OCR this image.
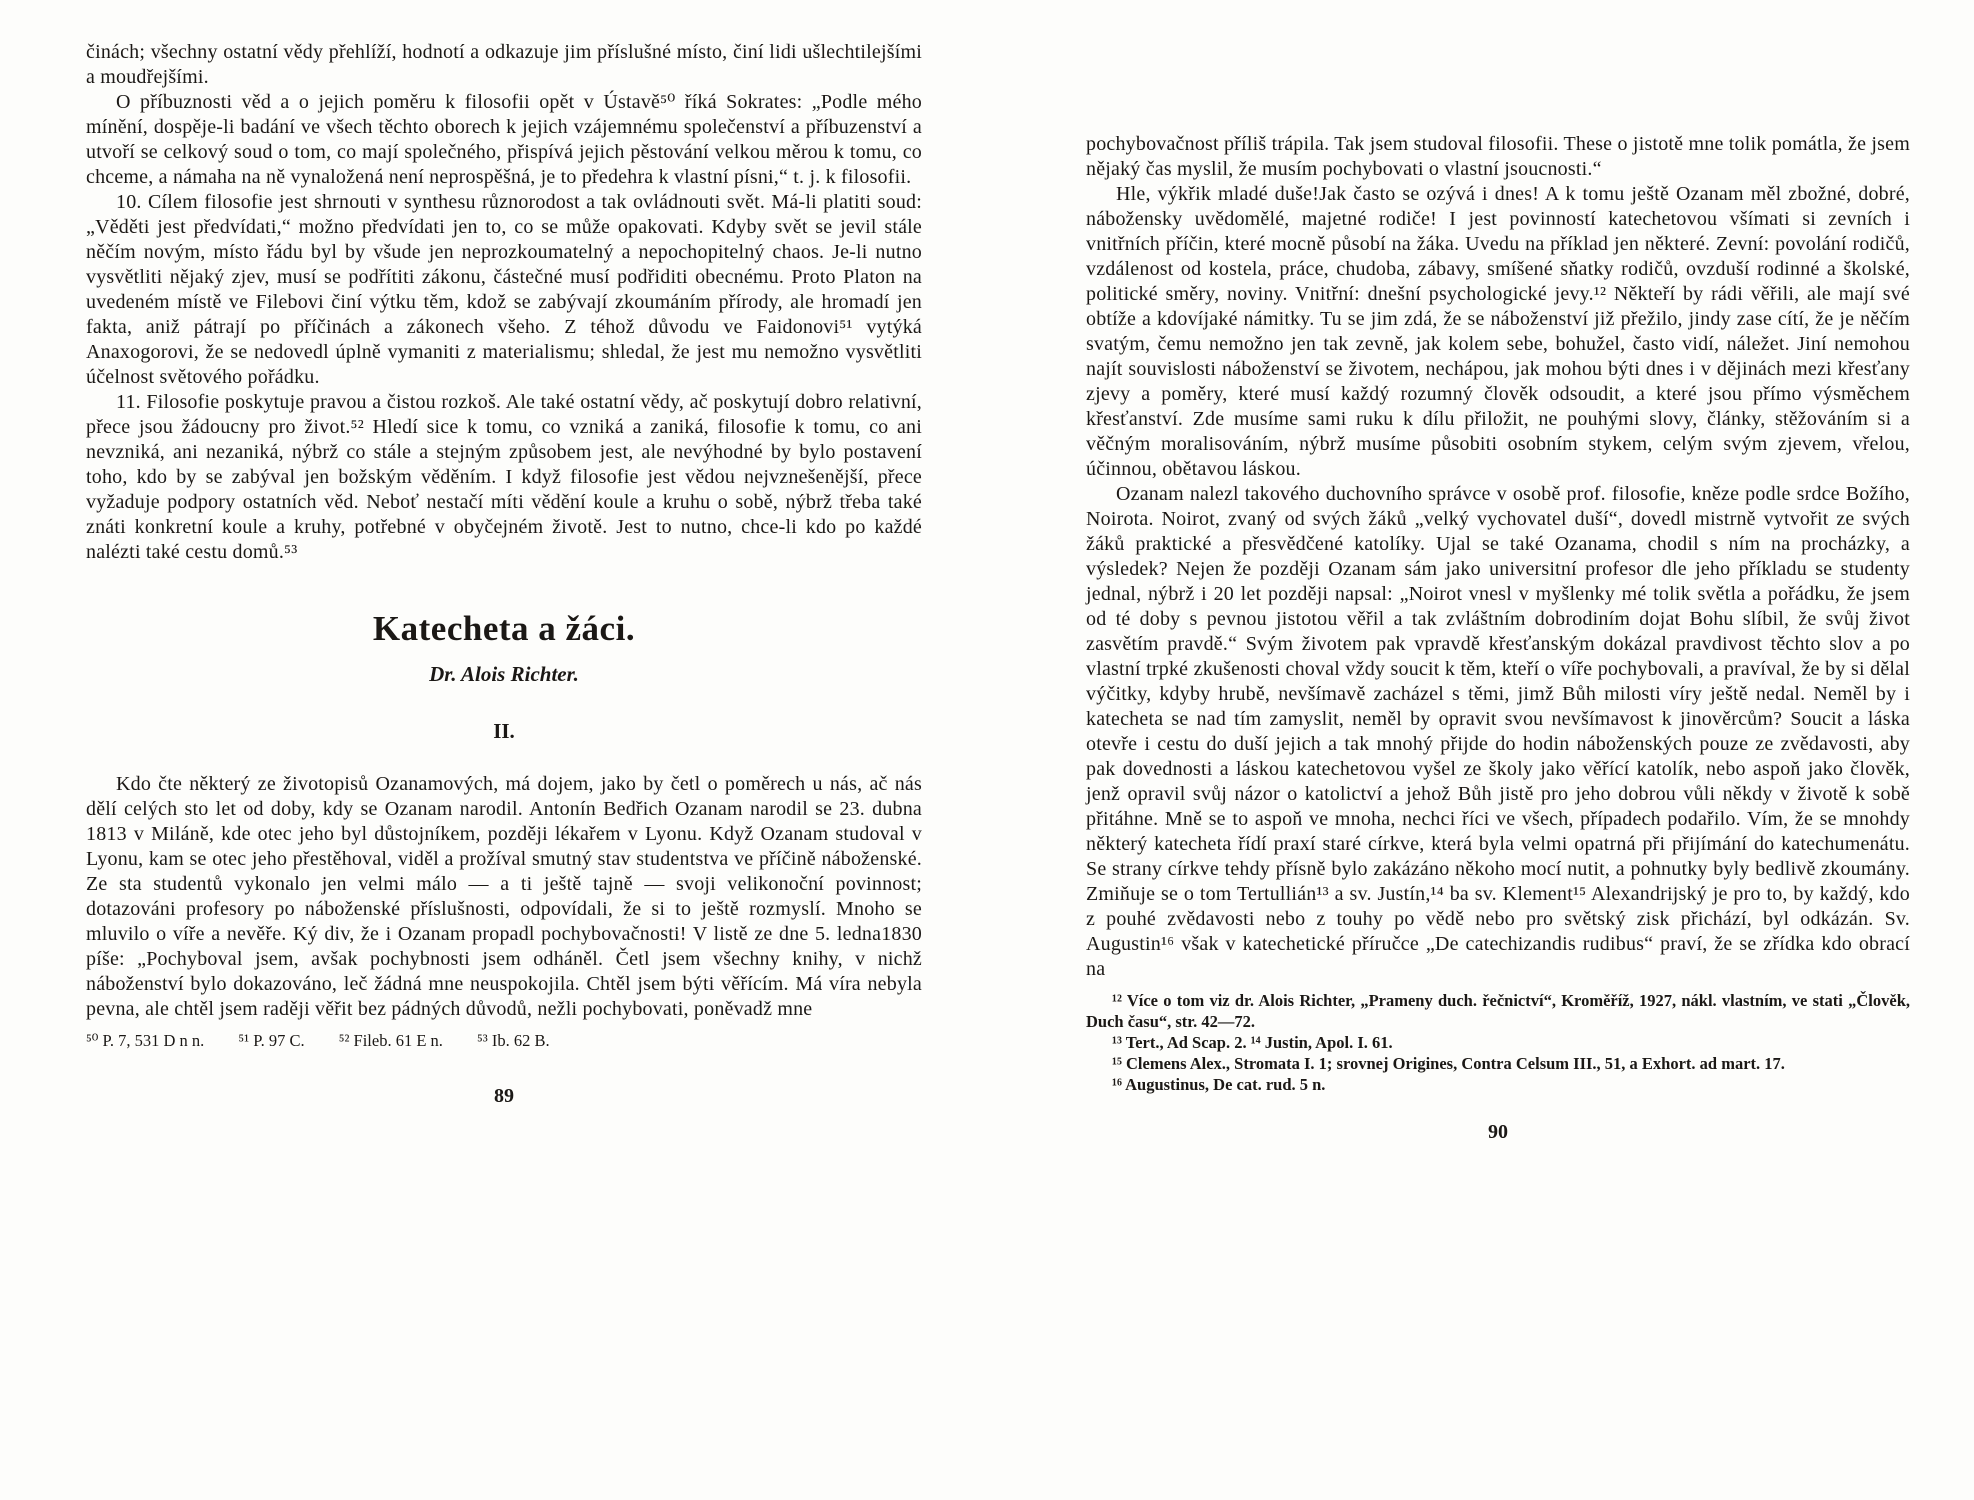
činách; všechny ostatní vědy přehlíží, hodnotí a odkazuje jim příslušné místo, činí lidi ušlechtilejšími a moudřejšími.

O příbuznosti věd a o jejich poměru k filosofii opět v Ústavě⁵⁰ říká Sokrates: „Podle mého mínění, dospěje-li badání ve všech těchto oborech k jejich vzájemnému společenství a příbuzenství a utvoří se celkový soud o tom, co mají společného, přispívá jejich pěstování velkou měrou k tomu, co chceme, a námaha na ně vynaložená není neprospěšná, je to předehra k vlastní písni,“ t. j. k filosofii.

10. Cílem filosofie jest shrnouti v synthesu různorodost a tak ovládnouti svět. Má-li platiti soud: „Věděti jest předvídati,“ možno předvídati jen to, co se může opakovati. Kdyby svět se jevil stále něčím novým, místo řádu byl by všude jen neprozkoumatelný a nepochopitelný chaos. Je-li nutno vysvětliti nějaký zjev, musí se podřítiti zákonu, částečné musí podřiditi obecnému. Proto Platon na uvedeném místě ve Filebovi činí výtku těm, kdož se zabývají zkoumáním přírody, ale hromadí jen fakta, aniž pátrají po příčinách a zákonech všeho. Z téhož důvodu ve Faidonovi⁵¹ vytýká Anaxogorovi, že se nedovedl úplně vymaniti z materialismu; shledal, že jest mu nemožno vysvětliti účelnost světového pořádku.

11. Filosofie poskytuje pravou a čistou rozkoš. Ale také ostatní vědy, ač poskytují dobro relativní, přece jsou žádoucny pro život.⁵² Hledí sice k tomu, co vzniká a zaniká, filosofie k tomu, co ani nevzniká, ani nezaniká, nýbrž co stále a stejným způsobem jest, ale nevýhodné by bylo postavení toho, kdo by se zabýval jen božským věděním. I když filosofie jest vědou nejvznešenější, přece vyžaduje podpory ostatních věd. Neboť nestačí míti vědění koule a kruhu o sobě, nýbrž třeba také znáti konkretní koule a kruhy, potřebné v obyčejném životě. Jest to nutno, chce-li kdo po každé nalézti také cestu domů.⁵³

Katecheta a žáci.
Dr. Alois Richter.
II.

Kdo čte některý ze životopisů Ozanamových, má dojem, jako by četl o poměrech u nás, ač nás dělí celých sto let od doby, kdy se Ozanam narodil. Antonín Bedřich Ozanam narodil se 23. dubna 1813 v Miláně, kde otec jeho byl důstojníkem, později lékařem v Lyonu. Když Ozanam studoval v Lyonu, kam se otec jeho přestěhoval, viděl a prožíval smutný stav studentstva ve příčině náboženské. Ze sta studentů vykonalo jen velmi málo — a ti ještě tajně — svoji velikonoční povinnost; dotazováni profesory po náboženské příslušnosti, odpovídali, že si to ještě rozmyslí. Mnoho se mluvilo o víře a nevěře. Ký div, že i Ozanam propadl pochybovačnosti! V listě ze dne 5. ledna1830 píše: „Pochyboval jsem, avšak pochybnosti jsem odháněl. Četl jsem všechny knihy, v nichž náboženství bylo dokazováno, leč žádná mne neuspokojila. Chtěl jsem býti věřícím. Má víra nebyla pevna, ale chtěl jsem raději věřit bez pádných důvodů, nežli pochybovati, poněvadž mne

⁵⁰ P. 7, 531 D n n. ⁵¹ P. 97 C. ⁵² Fileb. 61 E n. ⁵³ Ib. 62 B.
89

pochybovačnost příliš trápila. Tak jsem studoval filosofii. These o jistotě mne tolik pomátla, že jsem nějaký čas myslil, že musím pochybovati o vlastní jsoucnosti.“

Hle, výkřik mladé duše!Jak často se ozývá i dnes! A k tomu ještě Ozanam měl zbožné, dobré, nábožensky uvědomělé, majetné rodiče! I jest povinností katechetovou všímati si zevních i vnitřních příčin, které mocně působí na žáka. Uvedu na příklad jen některé. Zevní: povolání rodičů, vzdálenost od kostela, práce, chudoba, zábavy, smíšené sňatky rodičů, ovzduší rodinné a školské, politické směry, noviny. Vnitřní: dnešní psychologické jevy.¹² Někteří by rádi věřili, ale mají své obtíže a kdovíjaké námitky. Tu se jim zdá, že se náboženství již přežilo, jindy zase cítí, že je něčím svatým, čemu nemožno jen tak zevně, jak kolem sebe, bohužel, často vidí, náležet. Jiní nemohou najít souvislosti náboženství se životem, nechápou, jak mohou býti dnes i v dějinách mezi křesťany zjevy a poměry, které musí každý rozumný člověk odsoudit, a které jsou přímo výsměchem křesťanství. Zde musíme sami ruku k dílu přiložit, ne pouhými slovy, články, stěžováním si a věčným moralisováním, nýbrž musíme působiti osobním stykem, celým svým zjevem, vřelou, účinnou, obětavou láskou.

Ozanam nalezl takového duchovního správce v osobě prof. filosofie, kněze podle srdce Božího, Noirota. Noirot, zvaný od svých žáků „velký vychovatel duší“, dovedl mistrně vytvořit ze svých žáků praktické a přesvědčené katolíky. Ujal se také Ozanama, chodil s ním na procházky, a výsledek? Nejen že později Ozanam sám jako universitní profesor dle jeho příkladu se studenty jednal, nýbrž i 20 let později napsal: „Noirot vnesl v myšlenky mé tolik světla a pořádku, že jsem od té doby s pevnou jistotou věřil a tak zvláštním dobrodiním dojat Bohu slíbil, že svůj život zasvětím pravdě.“ Svým životem pak vpravdě křesťanským dokázal pravdivost těchto slov a po vlastní trpké zkušenosti choval vždy soucit k těm, kteří o víře pochybovali, a pravíval, že by si dělal výčitky, kdyby hrubě, nevšímavě zacházel s těmi, jimž Bůh milosti víry ještě nedal. Neměl by i katecheta se nad tím zamyslit, neměl by opravit svou nevšímavost k jinověrcům? Soucit a láska otevře i cestu do duší jejich a tak mnohý přijde do hodin náboženských pouze ze zvědavosti, aby pak dovednosti a láskou katechetovou vyšel ze školy jako věřící katolík, nebo aspoň jako člověk, jenž opravil svůj názor o katolictví a jehož Bůh jistě pro jeho dobrou vůli někdy v životě k sobě přitáhne. Mně se to aspoň ve mnoha, nechci říci ve všech, případech podařilo. Vím, že se mnohdy některý katecheta řídí praxí staré církve, která byla velmi opatrná při přijímání do katechumenátu. Se strany církve tehdy přísně bylo zakázáno někoho mocí nutit, a pohnutky byly bedlivě zkoumány. Zmiňuje se o tom Tertullián¹³ a sv. Justín,¹⁴ ba sv. Klement¹⁵ Alexandrijský je pro to, by každý, kdo z pouhé zvědavosti nebo z touhy po vědě nebo pro světský zisk přichází, byl odkázán. Sv. Augustin¹⁶ však v katechetické příručce „De catechizandis rudibus“ praví, že se zřídka kdo obrací na

¹² Více o tom viz dr. Alois Richter, „Prameny duch. řečnictví“, Kroměříž, 1927, nákl. vlastním, ve stati „Člověk, Duch času“, str. 42—72.

¹³ Tert., Ad Scap. 2. ¹⁴ Justin, Apol. I. 61.

¹⁵ Clemens Alex., Stromata I. 1; srovnej Origines, Contra Celsum III., 51, a Exhort. ad mart. 17.

¹⁶ Augustinus, De cat. rud. 5 n.

90
